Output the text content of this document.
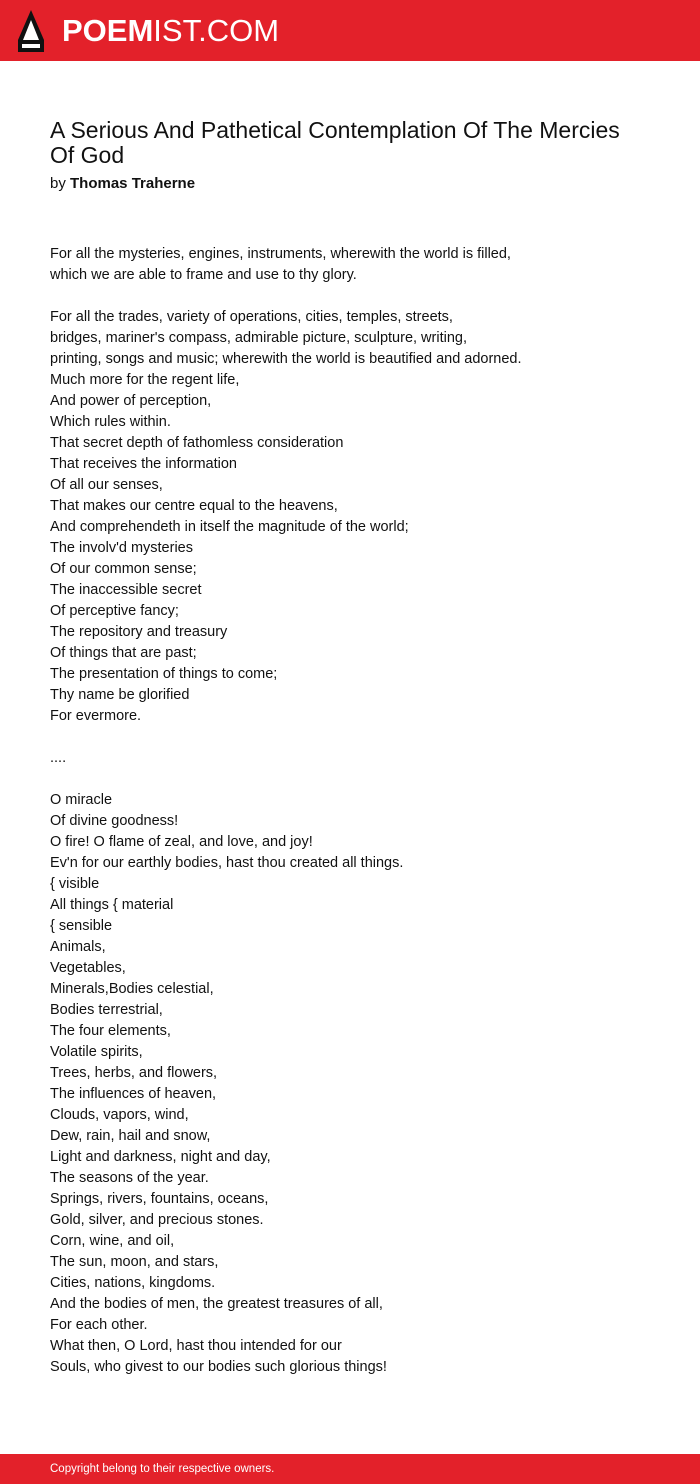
POEMIST.COM
A Serious And Pathetical Contemplation Of The Mercies Of God
by Thomas Traherne
For all the mysteries, engines, instruments, wherewith the world is filled,
which we are able to frame and use to thy glory.
For all the trades, variety of operations, cities, temples, streets,
bridges, mariner's compass, admirable picture, sculpture, writing,
printing, songs and music; wherewith the world is beautified and adorned.
Much more for the regent life,
And power of perception,
Which rules within.
That secret depth of fathomless consideration
That receives the information
Of all our senses,
That makes our centre equal to the heavens,
And comprehendeth in itself the magnitude of the world;
The involv'd mysteries
Of our common sense;
The inaccessible secret
Of perceptive fancy;
The repository and treasury
Of things that are past;
The presentation of things to come;
Thy name be glorified
For evermore.
....
O miracle
Of divine goodness!
O fire! O flame of zeal, and love, and joy!
Ev'n for our earthly bodies, hast thou created all things.
{ visible
All things { material
{ sensible
Animals,
Vegetables,
Minerals,Bodies celestial,
Bodies terrestrial,
The four elements,
Volatile spirits,
Trees, herbs, and flowers,
The influences of heaven,
Clouds, vapors, wind,
Dew, rain, hail and snow,
Light and darkness, night and day,
The seasons of the year.
Springs, rivers, fountains, oceans,
Gold, silver, and precious stones.
Corn, wine, and oil,
The sun, moon, and stars,
Cities, nations, kingdoms.
And the bodies of men, the greatest treasures of all,
For each other.
What then, O Lord, hast thou intended for our
Souls, who givest to our bodies such glorious things!
Copyright belong to their respective owners.
